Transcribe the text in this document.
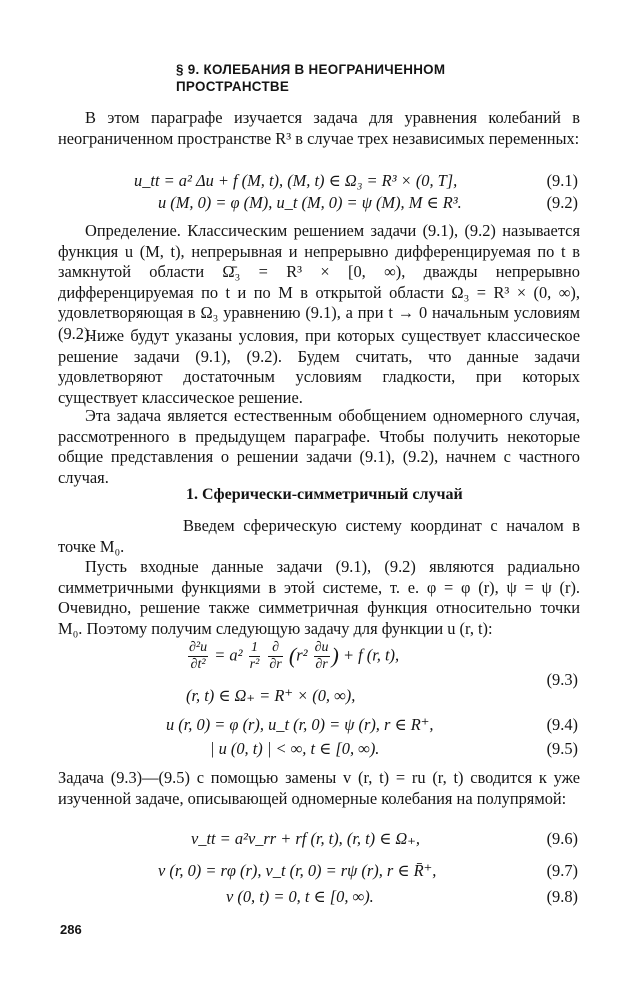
§ 9. КОЛЕБАНИЯ В НЕОГРАНИЧЕННОМ ПРОСТРАНСТВЕ

В этом параграфе изучается задача для уравнения колебаний в неограниченном пространстве R³ в случае трех независимых переменных:

u_tt = a² Δu + f (M, t), (M, t) ∈ Ω₃ = R³ × (0, T],	(9.1)
u (M, 0) = φ (M), u_t (M, 0) = ψ (M), M ∈ R³.	(9.2)

Определение. Классическим решением задачи (9.1), (9.2) называется функция u (M, t), непрерывная и непрерывно дифференцируемая по t в замкнутой области Ω̄₃ = R³ × [0, ∞), дважды непрерывно дифференцируемая по t и по M в открытой области Ω₃ = R³ × (0, ∞), удовлетворяющая в Ω₃ уравнению (9.1), а при t → 0 начальным условиям (9.2).

Ниже будут указаны условия, при которых существует классическое решение задачи (9.1), (9.2). Будем считать, что данные задачи удовлетворяют достаточным условиям гладкости, при которых существует классическое решение.

Эта задача является естественным обобщением одномерного случая, рассмотренного в предыдущем параграфе. Чтобы получить некоторые общие представления о решении задачи (9.1), (9.2), начнем с частного случая.

1. Сферически-симметричный случай

Введем сферическую систему координат с началом в точке M₀.

Пусть входные данные задачи (9.1), (9.2) являются радиально симметричными функциями в этой системе, т. е. φ = φ (r), ψ = ψ (r). Очевидно, решение также симметричная функция относительно точки M₀. Поэтому получим следующую задачу для функции u (r, t):

$\frac{\text{∂²u}}{\text{∂t²}} = a^2 \frac{1}{\text{r²}}$
$\frac{\partial}{\partial r} (r^2 \frac{\partial u}{\partial r}$ ) + f (r, t),
(r, t) ∈ Ω₊ = R⁺ × (0, ∞),
(9.3)
u (r, 0) = φ (r), u_t (r, 0) = ψ (r), r ∈ R⁺,	(9.4)
| u (0, t) | < ∞, t ∈ [0, ∞).	(9.5)

Задача (9.3)—(9.5) с помощью замены v (r, t) = ru (r, t) сводится к уже изученной задаче, описывающей одномерные колебания на полупрямой:

v_tt = a²v_rr + rf (r, t), (r, t) ∈ Ω₊,	(9.6)
v (r, 0) = rφ (r), v_t (r, 0) = rψ (r), r ∈ R̄⁺,	(9.7)
v (0, t) = 0, t ∈ [0, ∞).	(9.8)
286
